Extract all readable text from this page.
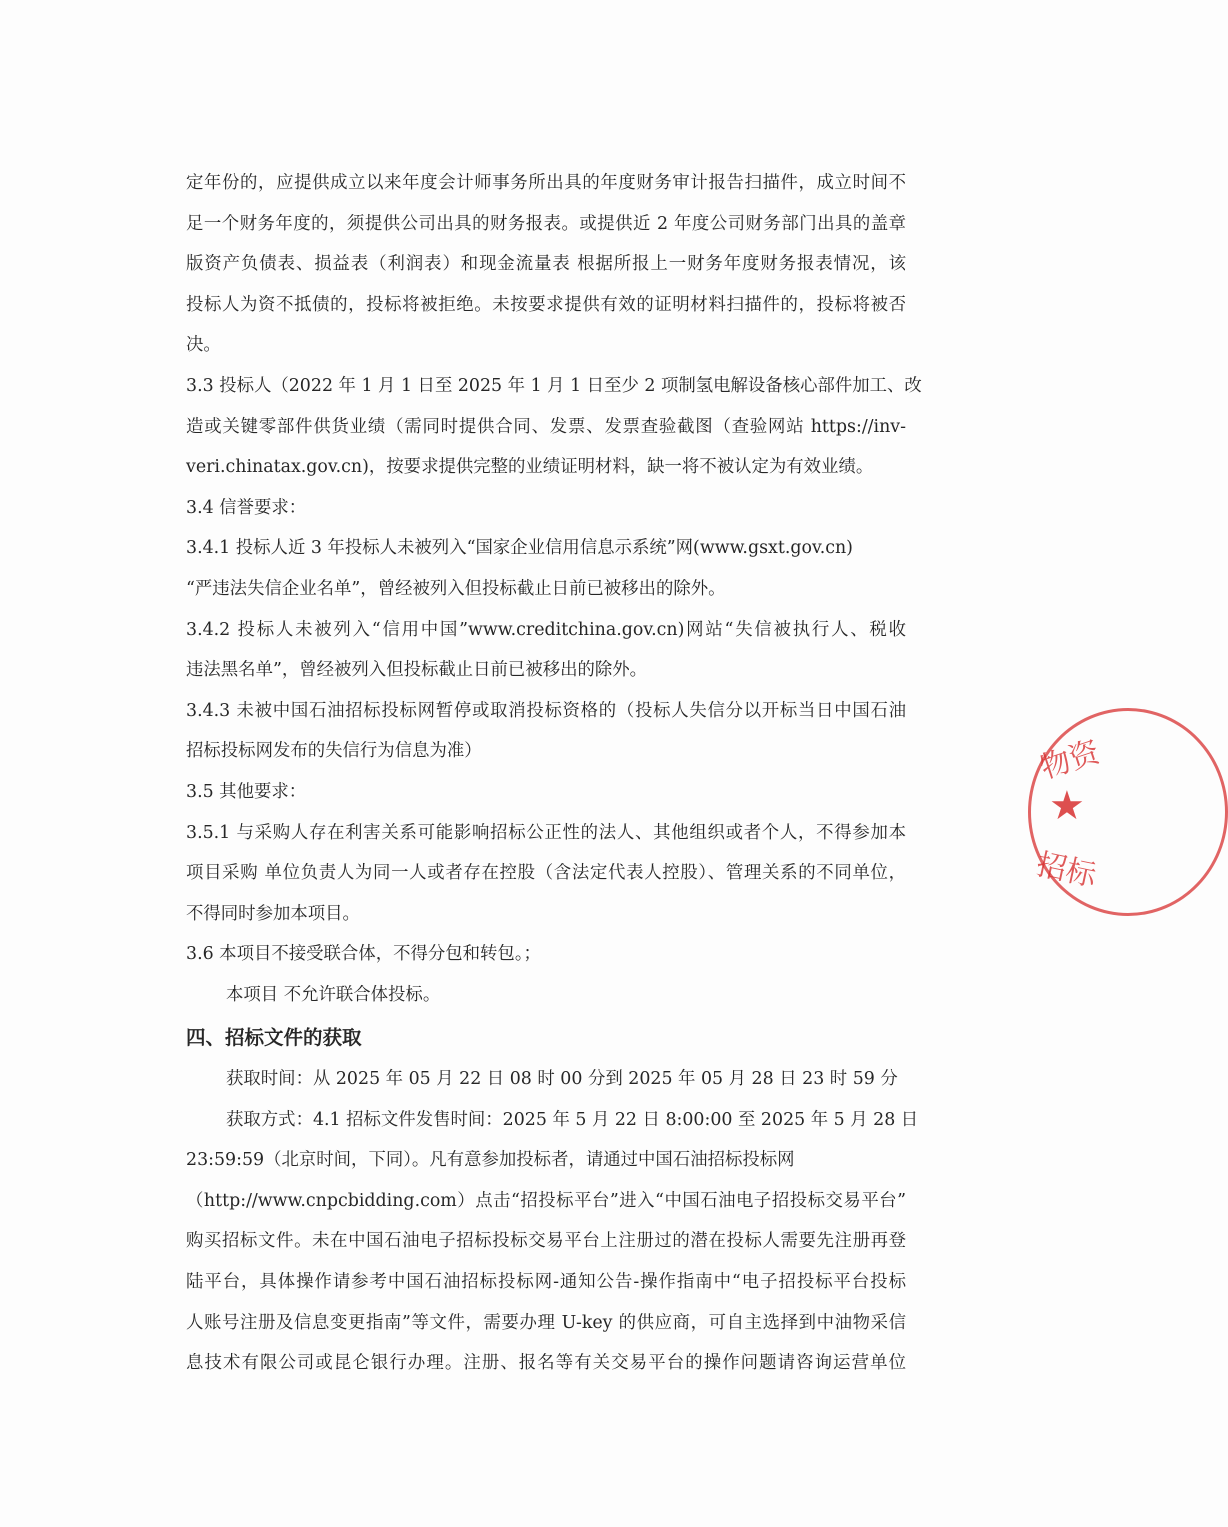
定年份的，应提供成立以来年度会计师事务所出具的年度财务审计报告扫描件，成立时间不
足一个财务年度的，须提供公司出具的财务报表。或提供近 2 年度公司财务部门出具的盖章
版资产负债表、损益表（利润表）和现金流量表 根据所报上一财务年度财务报表情况，该
投标人为资不抵债的，投标将被拒绝。未按要求提供有效的证明材料扫描件的，投标将被否
决。
3.3 投标人（2022 年 1 月 1 日至 2025 年 1 月 1 日至少 2 项制氢电解设备核心部件加工、改
造或关键零部件供货业绩（需同时提供合同、发票、发票查验截图（查验网站 https://inv-
veri.chinatax.gov.cn)，按要求提供完整的业绩证明材料，缺一将不被认定为有效业绩。
3.4 信誉要求：
3.4.1 投标人近 3 年投标人未被列入“国家企业信用信息示系统”网(www.gsxt.gov.cn)
“严违法失信企业名单”，曾经被列入但投标截止日前已被移出的除外。
3.4.2 投标人未被列入“信用中国”www.creditchina.gov.cn)网站“失信被执行人、税收
违法黑名单”，曾经被列入但投标截止日前已被移出的除外。
3.4.3 未被中国石油招标投标网暂停或取消投标资格的（投标人失信分以开标当日中国石油
招标投标网发布的失信行为信息为准）
3.5 其他要求：
3.5.1 与采购人存在利害关系可能影响招标公正性的法人、其他组织或者个人，不得参加本
项目采购 单位负责人为同一人或者存在控股（含法定代表人控股）、管理关系的不同单位，
不得同时参加本项目。
3.6 本项目不接受联合体，不得分包和转包。；
本项目 不允许联合体投标。
四、招标文件的获取
获取时间：从 2025 年 05 月 22 日 08 时 00 分到 2025 年 05 月 28 日 23 时 59 分
获取方式：4.1 招标文件发售时间：2025 年 5 月 22 日 8:00:00 至 2025 年 5 月 28 日
23:59:59（北京时间，下同）。凡有意参加投标者，请通过中国石油招标投标网
（http://www.cnpcbidding.com）点击“招投标平台”进入“中国石油电子招投标交易平台”
购买招标文件。未在中国石油电子招标投标交易平台上注册过的潜在投标人需要先注册再登
陆平台，具体操作请参考中国石油招标投标网-通知公告-操作指南中“电子招投标平台投标
人账号注册及信息变更指南”等文件，需要办理 U-key 的供应商，可自主选择到中油物采信
息技术有限公司或昆仑银行办理。注册、报名等有关交易平台的操作问题请咨询运营单位
物资
★
招标
